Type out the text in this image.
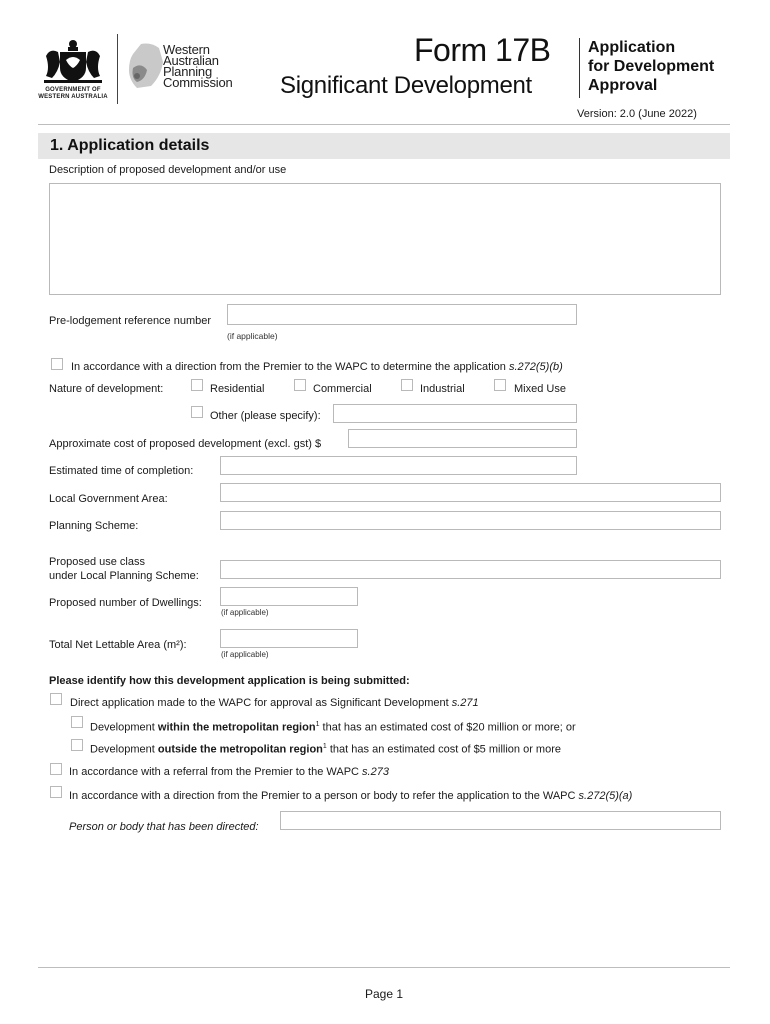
GOVERNMENT OF
WESTERN AUSTRALIA
Western
Australian
Planning
Commission
Form 17B
Significant Development
Application
for Development
Approval
Version: 2.0 (June 2022)
1. Application details
Description of proposed development and/or use
Pre-lodgement reference number
(if applicable)
In accordance with a direction from the Premier to the WAPC to determine the application s.272(5)(b)
Nature of development:	Residential	Commercial	Industrial	Mixed Use
Other (please specify):
Approximate cost of proposed development (excl. gst) $
Estimated time of completion:
Local Government Area:
Planning Scheme:
Proposed use class
under Local Planning Scheme:
Proposed number of Dwellings:
(if applicable)
Total Net Lettable Area (m²):
(if applicable)
Please identify how this development application is being submitted:
Direct application made to the WAPC for approval as Significant Development s.271
Development within the metropolitan region$^1$ that has an estimated cost of $20 million or more; or
Development outside the metropolitan region$^1$ that has an estimated cost of $5 million or more
In accordance with a referral from the Premier to the WAPC s.273
In accordance with a direction from the Premier to a person or body to refer the application to the WAPC s.272(5)(a)
Person or body that has been directed:
Page 1
